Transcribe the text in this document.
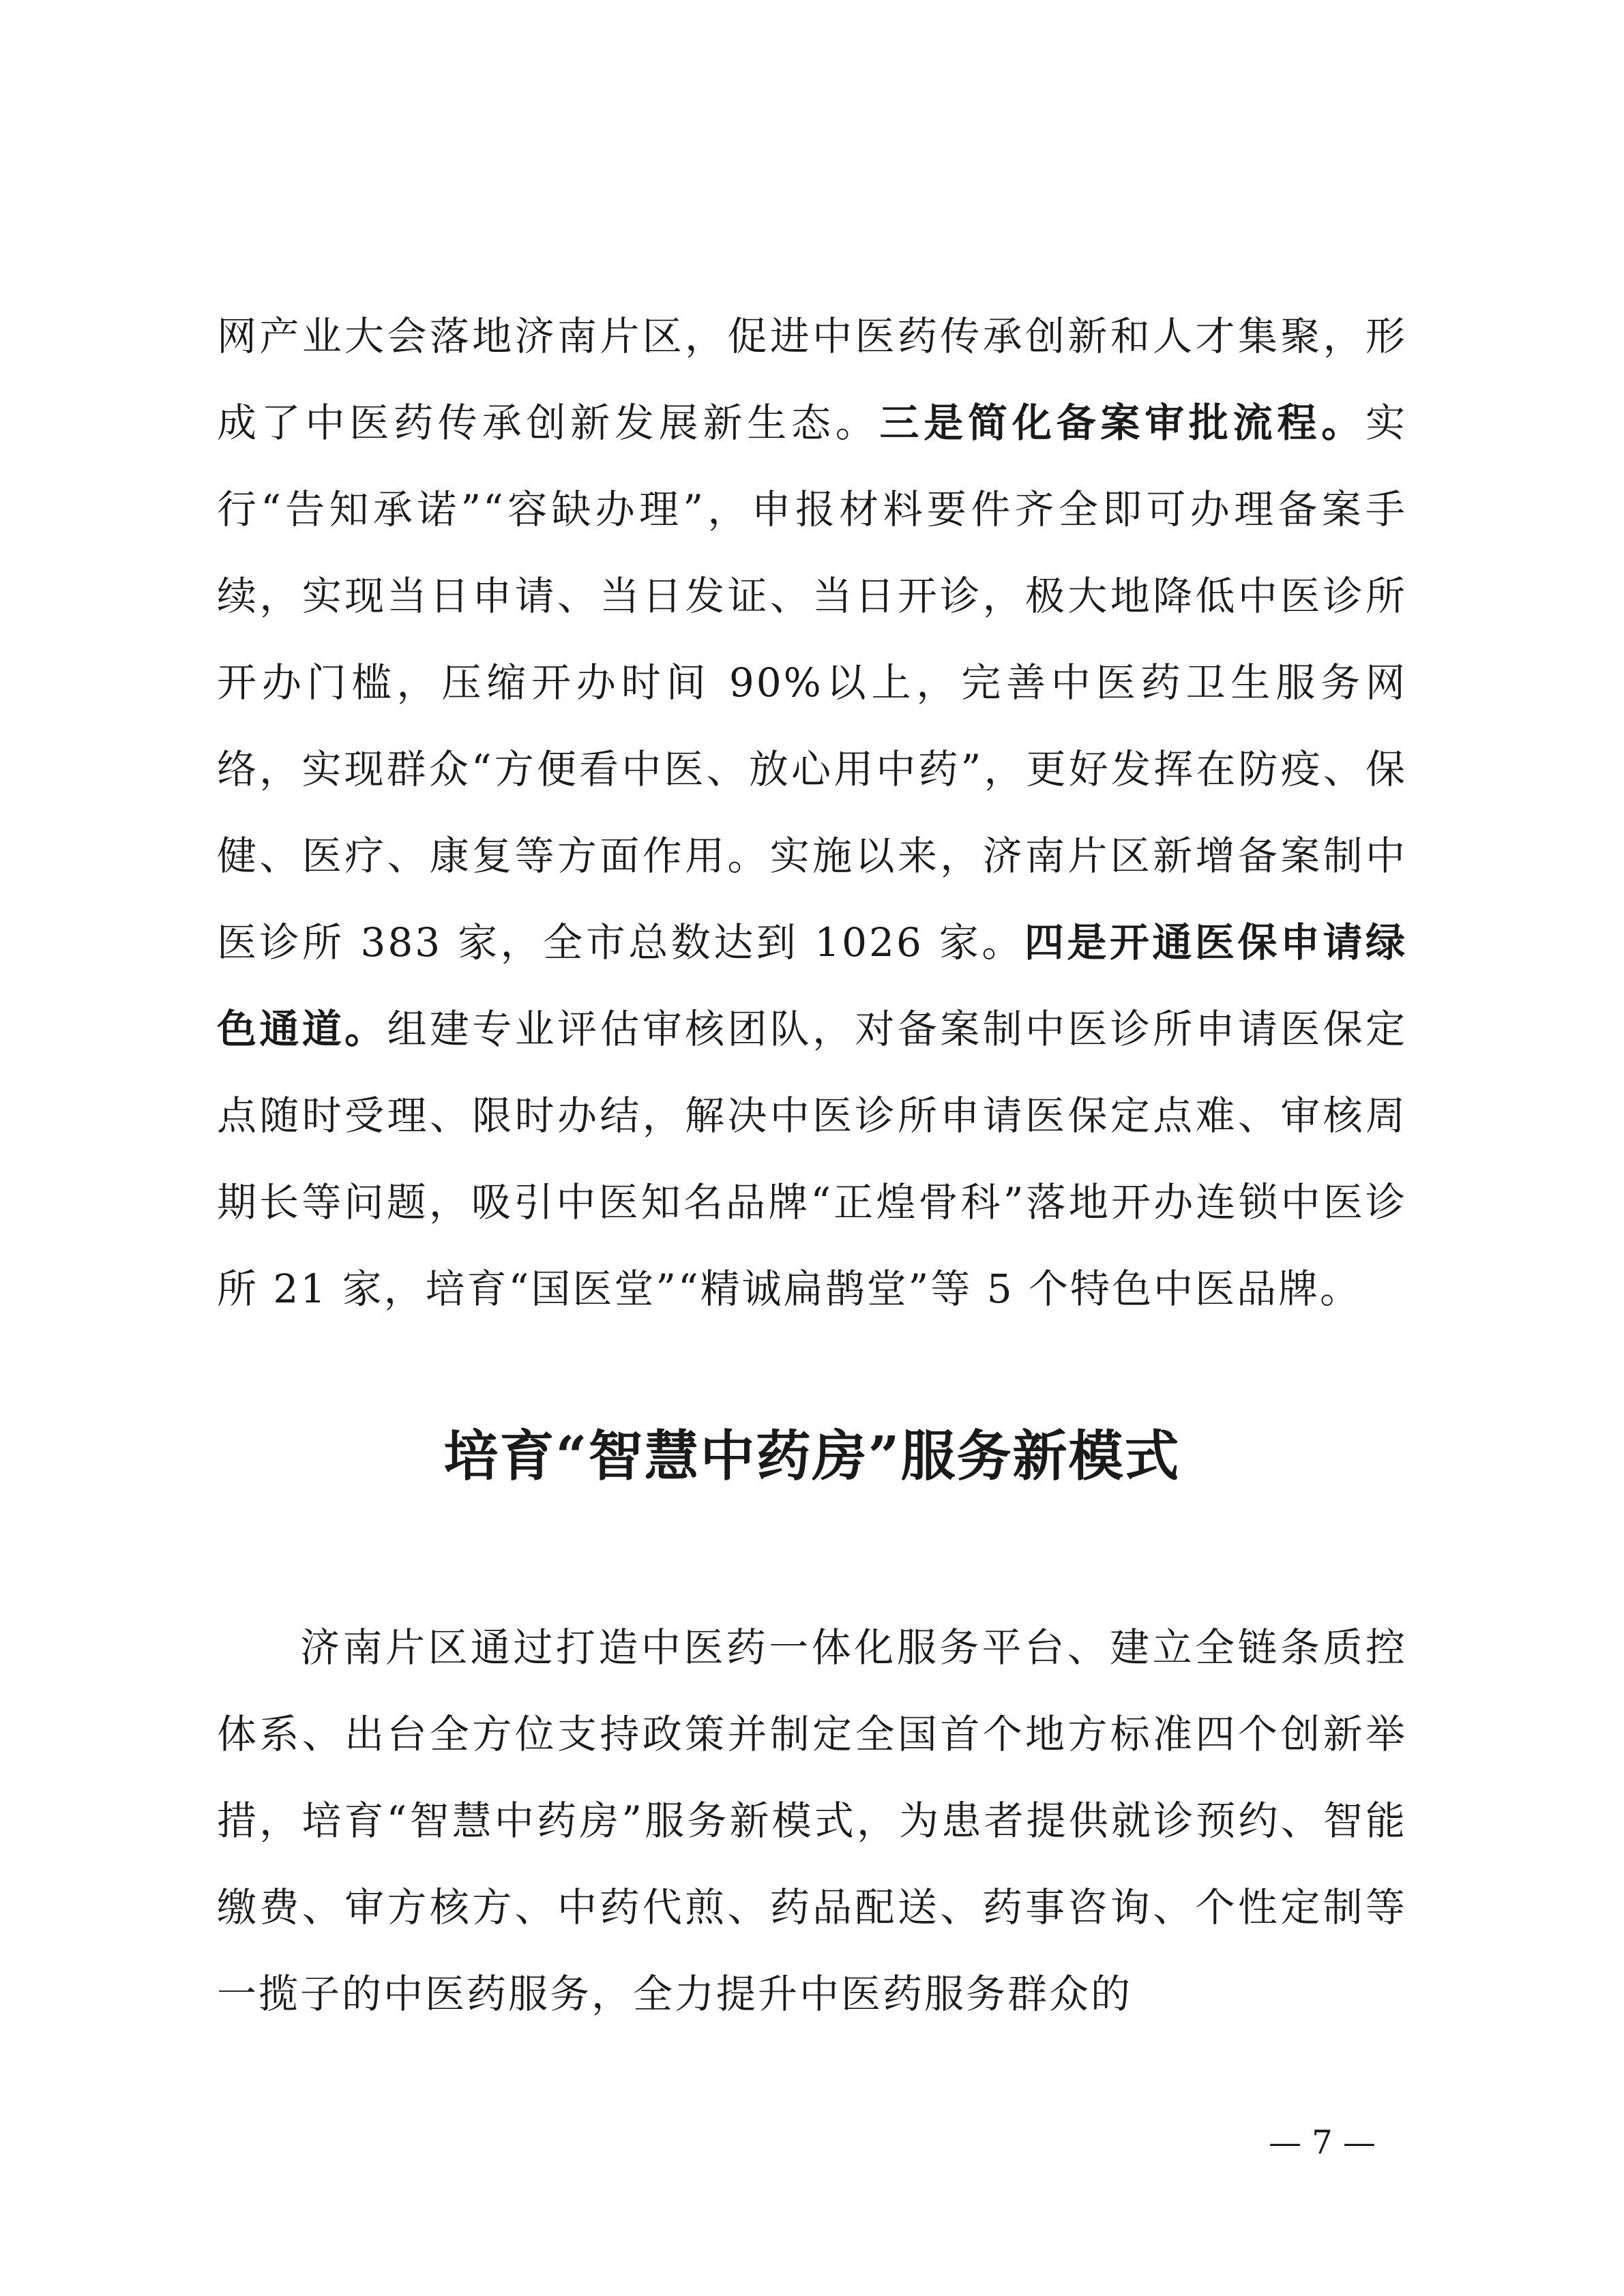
网产业大会落地济南片区，促进中医药传承创新和人才集聚，形成了中医药传承创新发展新生态。三是简化备案审批流程。实行“告知承诺”“容缺办理”，申报材料要件齐全即可办理备案手续，实现当日申请、当日发证、当日开诊，极大地降低中医诊所开办门槛，压缩开办时间 90%以上，完善中医药卫生服务网络，实现群众“方便看中医、放心用中药”，更好发挥在防疫、保健、医疗、康复等方面作用。实施以来，济南片区新增备案制中医诊所 383 家，全市总数达到 1026 家。四是开通医保申请绿色通道。组建专业评估审核团队，对备案制中医诊所申请医保定点随时受理、限时办结，解决中医诊所申请医保定点难、审核周期长等问题，吸引中医知名品牌“正煌骨科”落地开办连锁中医诊所 21 家，培育“国医堂”“精诚扁鹊堂”等 5 个特色中医品牌。

培育“智慧中药房”服务新模式

济南片区通过打造中医药一体化服务平台、建立全链条质控体系、出台全方位支持政策并制定全国首个地方标准四个创新举措，培育“智慧中药房”服务新模式，为患者提供就诊预约、智能缴费、审方核方、中药代煎、药品配送、药事咨询、个性定制等一揽子的中医药服务，全力提升中医药服务群众的

— 7 —
